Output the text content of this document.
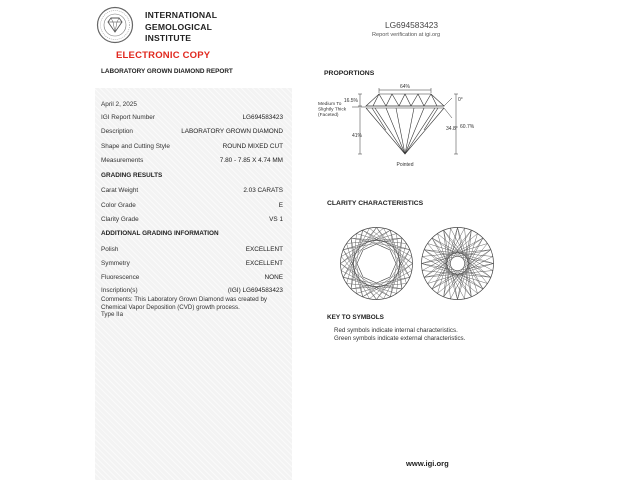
INTERNATIONAL
GEMOLOGICAL
INSTITUTE
ELECTRONIC COPY
LABORATORY GROWN DIAMOND REPORT
April 2, 2025
IGI Report Number	LG694583423
Description	LABORATORY GROWN DIAMOND
Shape and Cutting Style	ROUND MIXED CUT
Measurements	7.80 - 7.85 X 4.74 MM
GRADING RESULTS
Carat Weight	2.03 CARATS
Color Grade	E
Clarity Grade	VS 1
ADDITIONAL GRADING INFORMATION
Polish	EXCELLENT
Symmetry	EXCELLENT
Fluorescence	NONE
Inscription(s)	(IGI) LG694583423
Comments: This Laboratory Grown Diamond was created by Chemical Vapor Deposition (CVD) growth process.
Type IIa
LG694583423
Report verification at igi.org
PROPORTIONS
64%
0°
34.8° 60.7%
16.5%
41%
Medium To
Slightly Thick
(Faceted)
Pointed
CLARITY CHARACTERISTICS
KEY TO SYMBOLS
Red symbols indicate internal characteristics.
Green symbols indicate external characteristics.
www.igi.org
